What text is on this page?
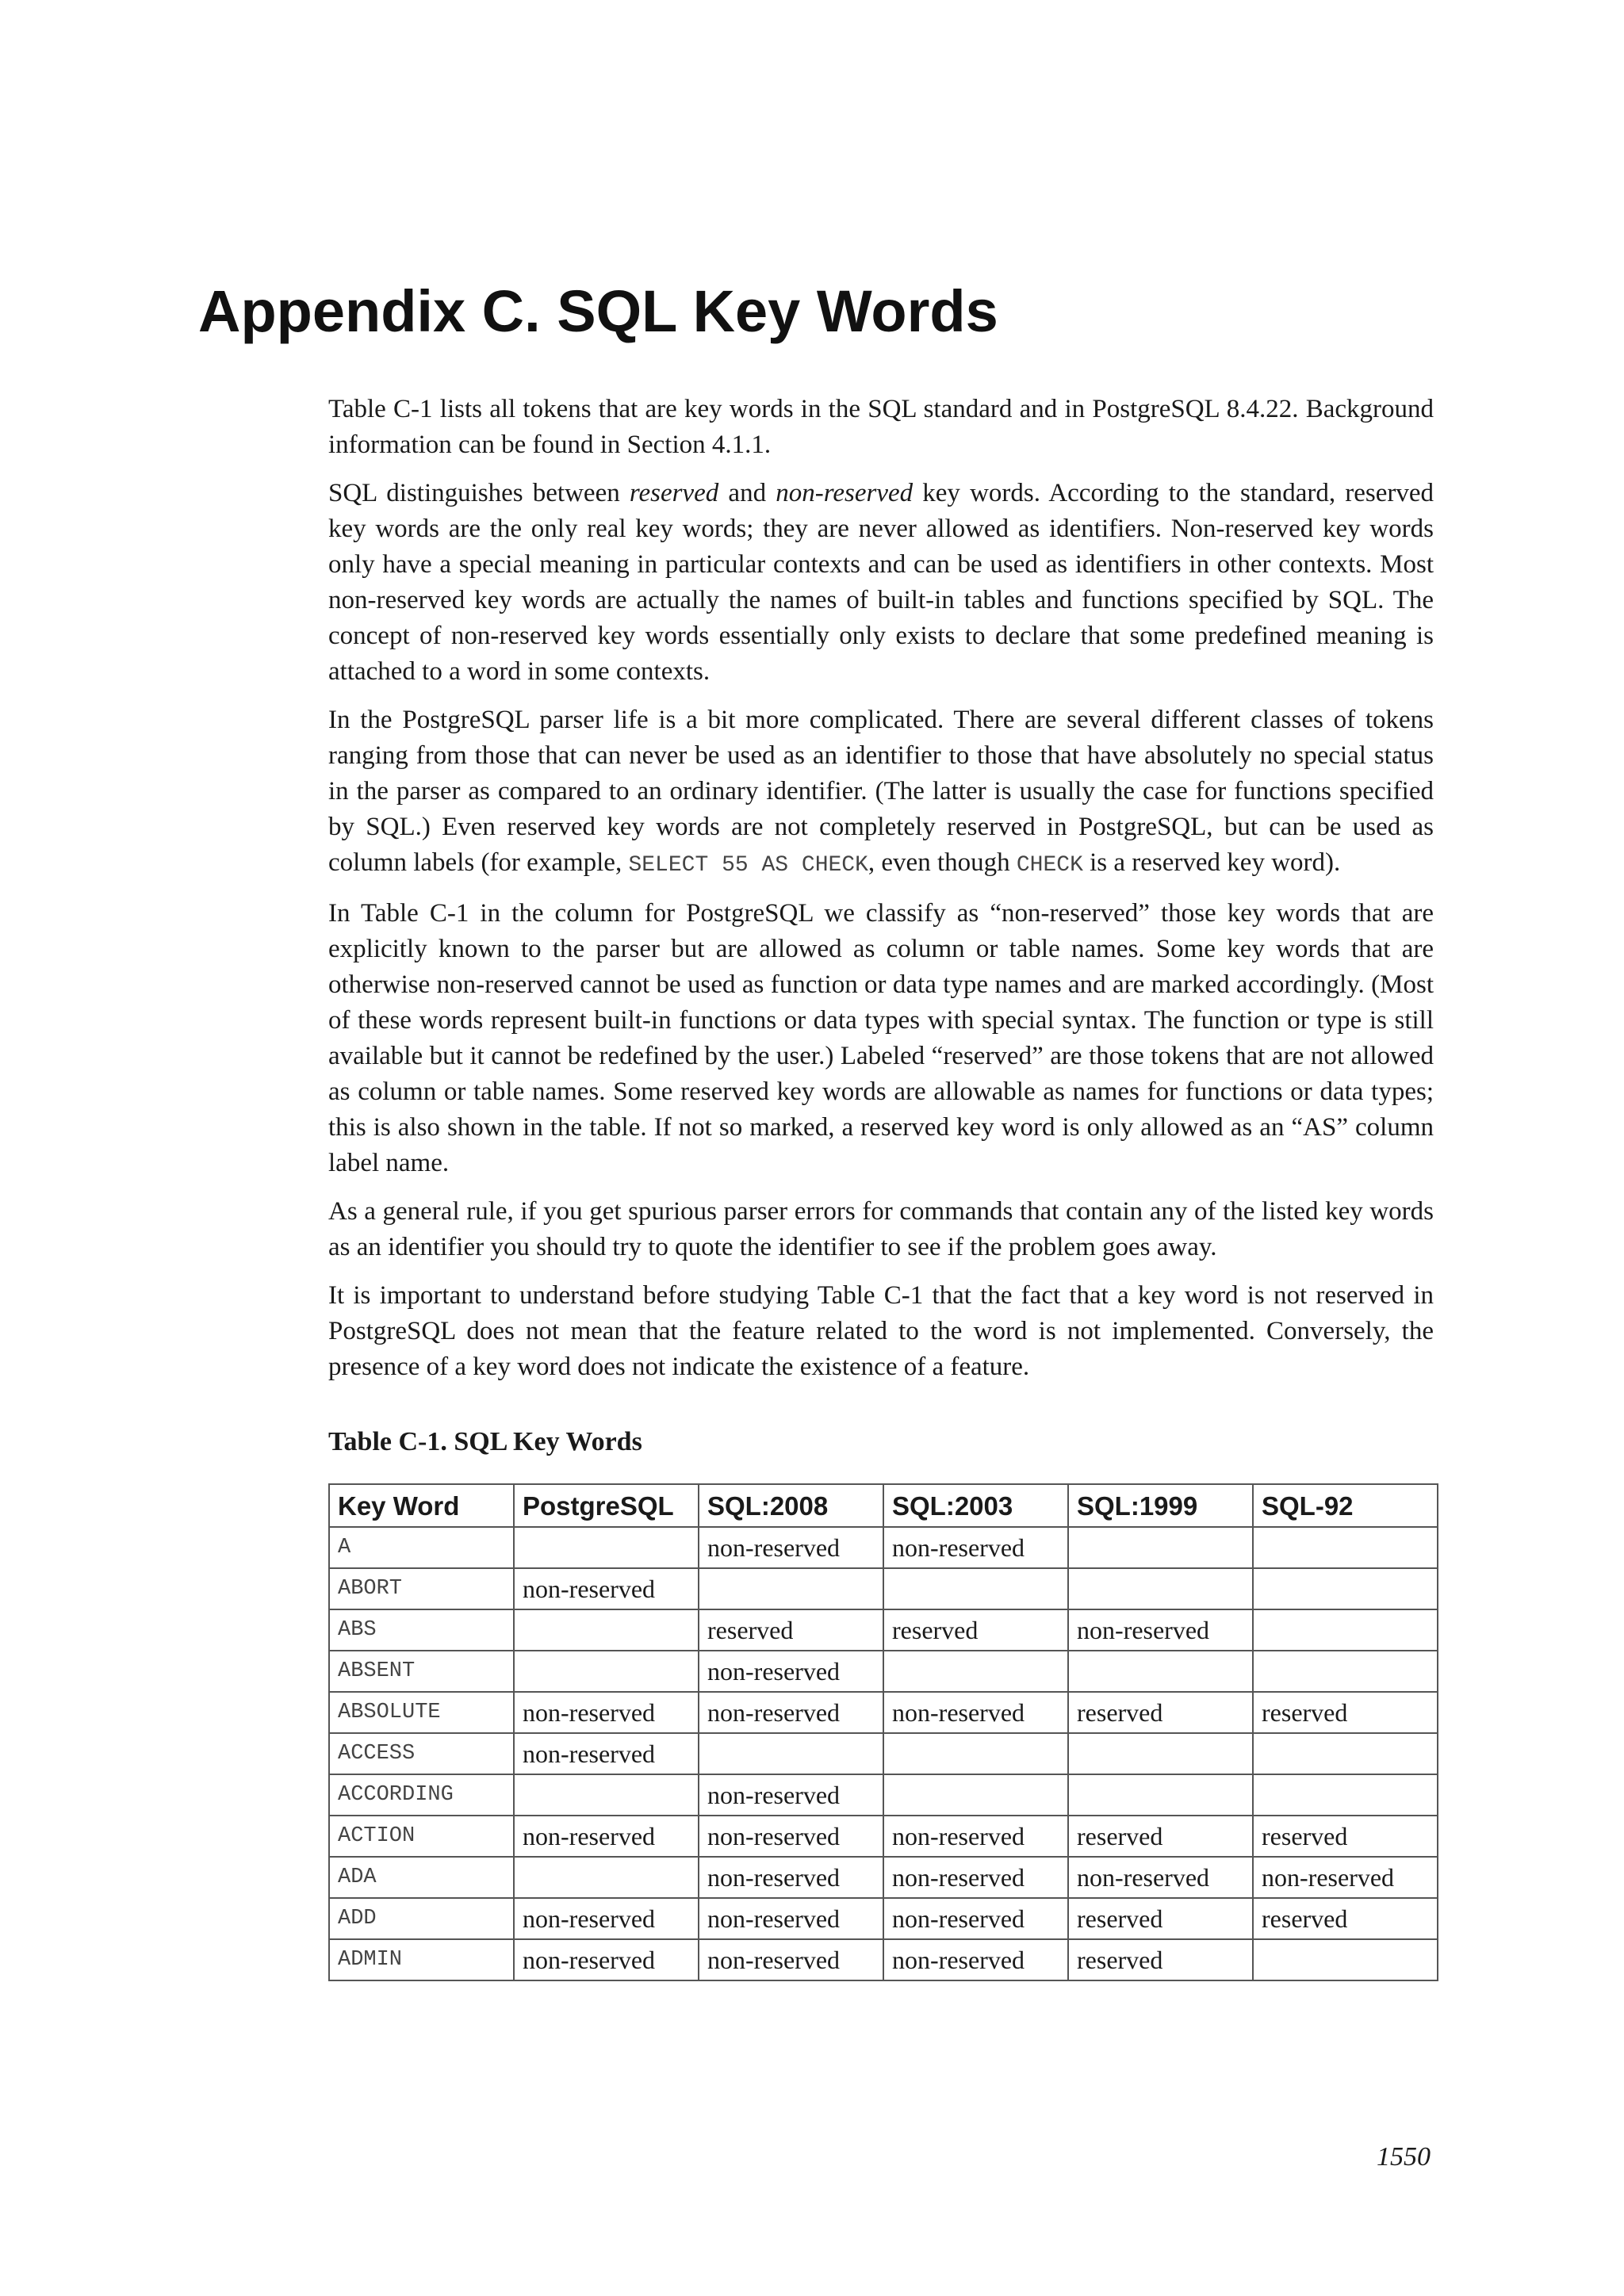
Appendix C. SQL Key Words

Table C-1 lists all tokens that are key words in the SQL standard and in PostgreSQL 8.4.22. Background information can be found in Section 4.1.1.

SQL distinguishes between reserved and non-reserved key words. According to the standard, reserved key words are the only real key words; they are never allowed as identifiers. Non-reserved key words only have a special meaning in particular contexts and can be used as identifiers in other contexts. Most non-reserved key words are actually the names of built-in tables and functions specified by SQL. The concept of non-reserved key words essentially only exists to declare that some predefined meaning is attached to a word in some contexts.

In the PostgreSQL parser life is a bit more complicated. There are several different classes of tokens ranging from those that can never be used as an identifier to those that have absolutely no special status in the parser as compared to an ordinary identifier. (The latter is usually the case for functions specified by SQL.) Even reserved key words are not completely reserved in PostgreSQL, but can be used as column labels (for example, SELECT 55 AS CHECK, even though CHECK is a reserved key word).

In Table C-1 in the column for PostgreSQL we classify as “non-reserved” those key words that are explicitly known to the parser but are allowed as column or table names. Some key words that are otherwise non-reserved cannot be used as function or data type names and are marked accordingly. (Most of these words represent built-in functions or data types with special syntax. The function or type is still available but it cannot be redefined by the user.) Labeled “reserved” are those tokens that are not allowed as column or table names. Some reserved key words are allowable as names for functions or data types; this is also shown in the table. If not so marked, a reserved key word is only allowed as an “AS” column label name.

As a general rule, if you get spurious parser errors for commands that contain any of the listed key words as an identifier you should try to quote the identifier to see if the problem goes away.

It is important to understand before studying Table C-1 that the fact that a key word is not reserved in PostgreSQL does not mean that the feature related to the word is not implemented. Conversely, the presence of a key word does not indicate the existence of a feature.

Table C-1. SQL Key Words
Key Word	PostgreSQL	SQL:2008	SQL:2003	SQL:1999	SQL-92
A		non-reserved	non-reserved		
ABORT	non-reserved				
ABS		reserved	reserved	non-reserved	
ABSENT		non-reserved			
ABSOLUTE	non-reserved	non-reserved	non-reserved	reserved	reserved
ACCESS	non-reserved				
ACCORDING		non-reserved			
ACTION	non-reserved	non-reserved	non-reserved	reserved	reserved
ADA		non-reserved	non-reserved	non-reserved	non-reserved
ADD	non-reserved	non-reserved	non-reserved	reserved	reserved
ADMIN	non-reserved	non-reserved	non-reserved	reserved	
1550
